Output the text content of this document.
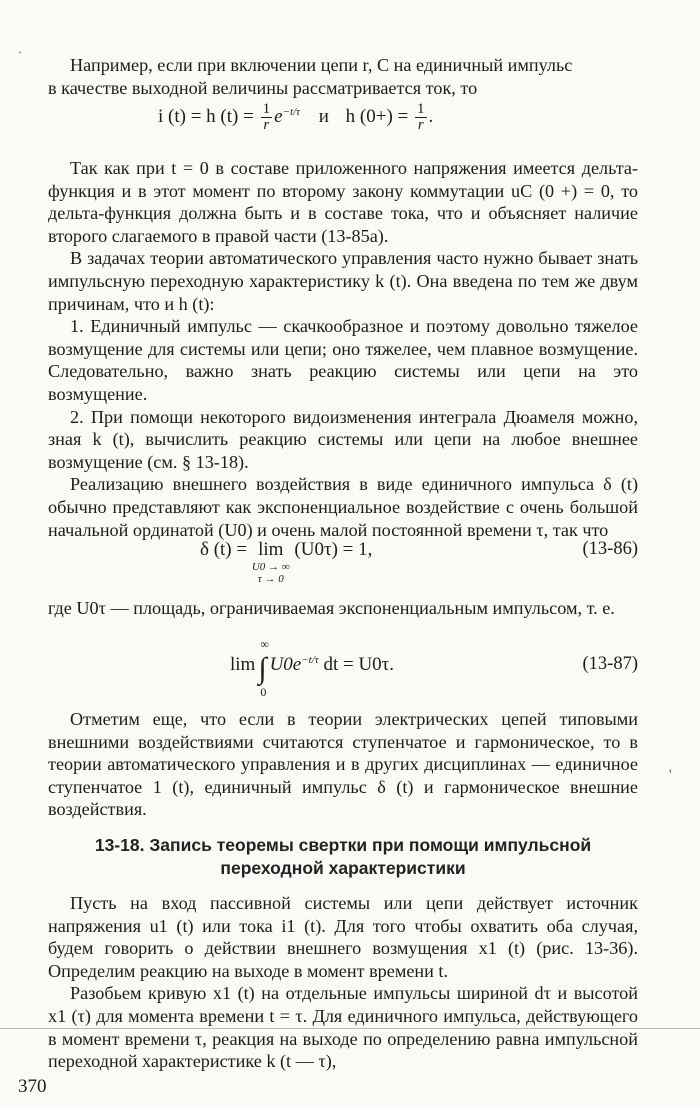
ˏ
'

Например, если при включении цепи r, C на единичный импульс

в качестве выходной величины рассматривается ток, то

i (t) = h $(t) = \frac{1}{r} e^{-t/\tau}$ и h $(0+) = \frac{1}{r}$ .

Так как при t = 0 в составе приложенного напряжения имеется дельта-функция и в этот момент по второму закону коммутации uC (0 +) = 0, то дельта-функция должна быть и в составе тока, что и объясняет наличие второго слагаемого в правой части (13-85а).

В задачах теории автоматического управления часто нужно бывает знать импульсную переходную характеристику k (t). Она введена по тем же двум причинам, что и h (t):

1. Единичный импульс — скачкообразное и поэтому довольно тяжелое возмущение для системы или цепи; оно тяжелее, чем плавное возмущение. Следовательно, важно знать реакцию системы или цепи на это возмущение.

2. При помощи некоторого видоизменения интеграла Дюамеля можно, зная k (t), вычислить реакцию системы или цепи на любое внешнее возмущение (см. § 13-18).

Реализацию внешнего воздействия в виде единичного импульса δ (t) обычно представляют как экспоненциальное воздействие с очень большой начальной ординатой (U0) и очень малой постоянной времени τ, так что

δ (t) = lim
U0 → ∞
τ → 0
(U0τ) = 1,	(13-86)

где U0τ — площадь, ограничиваемая экспоненциальным импульсом, т. е.

lim ∫
∞
0
$U0e^{-t/\tau}$ dt = U0τ.	(13-87)

Отметим еще, что если в теории электрических цепей типовыми внешними воздействиями считаются ступенчатое и гармоническое, то в теории автоматического управления и в других дисциплинах — единичное ступенчатое 1 (t), единичный импульс δ (t) и гармоническое внешние воздействия.

13-18. Запись теоремы свертки при помощи импульсной
переходной характеристики

Пусть на вход пассивной системы или цепи действует источник напряжения u1 (t) или тока i1 (t). Для того чтобы охватить оба случая, будем говорить о действии внешнего возмущения x1 (t) (рис. 13-36). Определим реакцию на выходе в момент времени t.

Разобьем кривую x1 (t) на отдельные импульсы шириной dτ и высотой x1 (τ) для момента времени t = τ. Для единичного импульса, действующего в момент времени τ, реакция на выходе по определению равна импульсной переходной характеристике k (t — τ),

370
